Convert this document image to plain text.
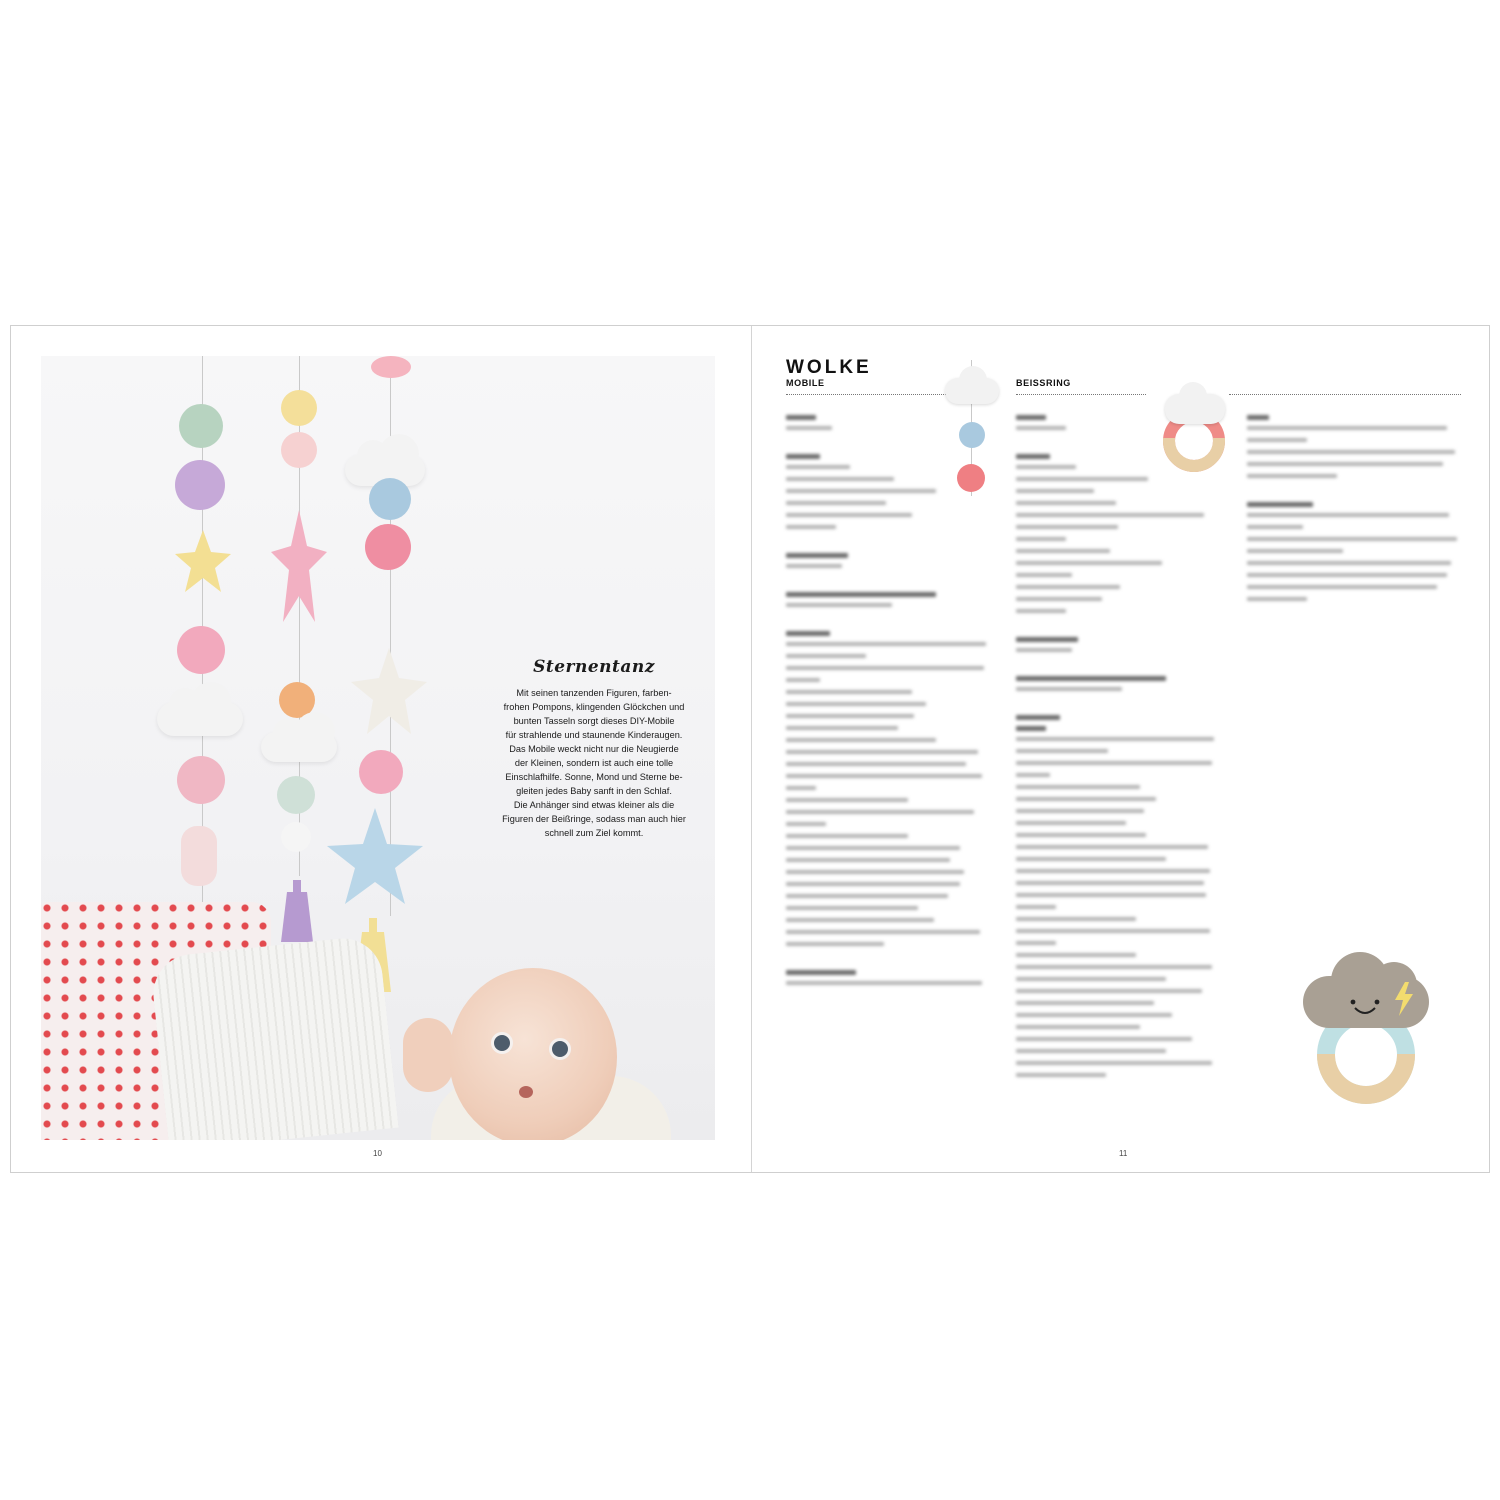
Sternentanz

Mit seinen tanzenden Figuren, farben-

frohen Pompons, klingenden Glöckchen und

bunten Tasseln sorgt dieses DIY-Mobile

für strahlende und staunende Kinderaugen.

Das Mobile weckt nicht nur die Neugierde

der Kleinen, sondern ist auch eine tolle

Einschlafhilfe. Sonne, Mond und Sterne be-

gleiten jedes Baby sanft in den Schlaf.

Die Anhänger sind etwas kleiner als die

Figuren der Beißringe, sodass man auch hier

schnell zum Ziel kommt.

10
WOLKE
MOBILE	BEISSRING
11
